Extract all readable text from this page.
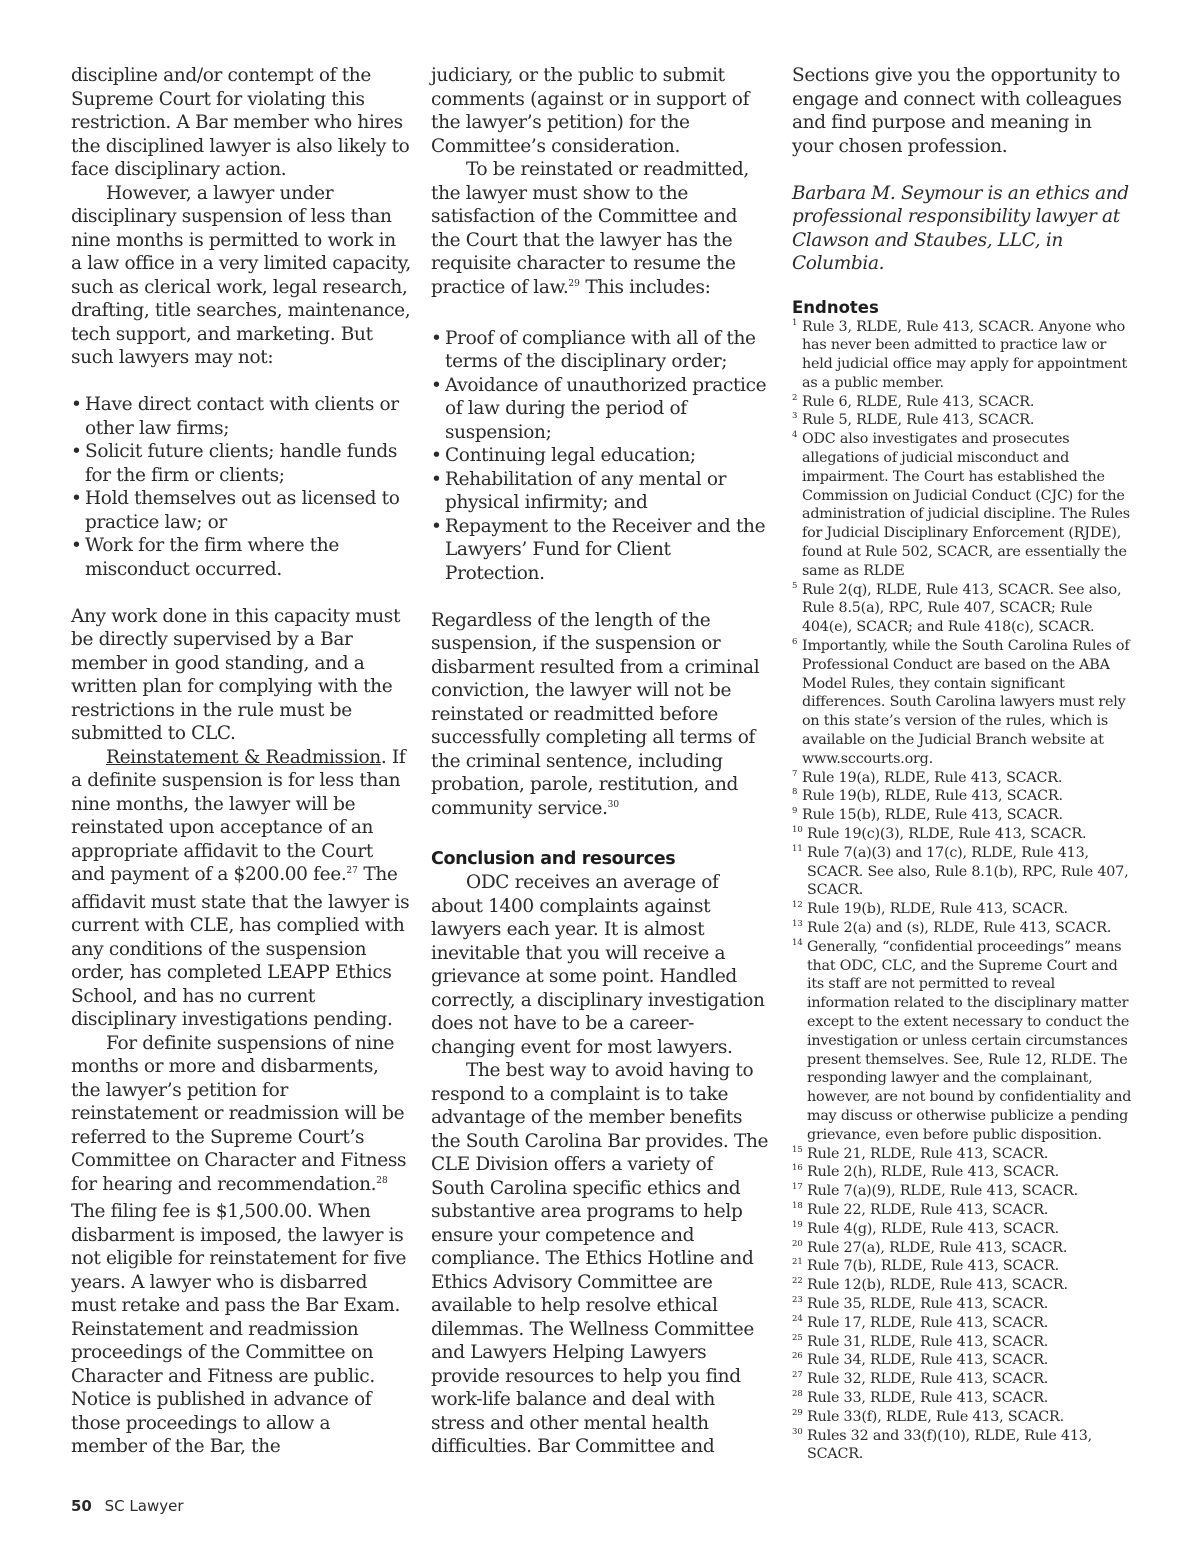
discipline and/or contempt of the Supreme Court for violating this restriction. A Bar member who hires the disciplined lawyer is also likely to face disciplinary action.

However, a lawyer under disciplinary suspension of less than nine months is permitted to work in a law office in a very limited capacity, such as clerical work, legal research, drafting, title searches, maintenance, tech support, and marketing. But such lawyers may not:

• Have direct contact with clients or other law firms;
• Solicit future clients; handle funds for the firm or clients;
• Hold themselves out as licensed to practice law; or
• Work for the firm where the misconduct occurred.

Any work done in this capacity must be directly supervised by a Bar member in good standing, and a written plan for complying with the restrictions in the rule must be submitted to CLC.

Reinstatement & Readmission. If a definite suspension is for less than nine months, the lawyer will be reinstated upon acceptance of an appropriate affidavit to the Court and payment of a $200.00 fee.$^{27}$ The affidavit must state that the lawyer is current with CLE, has complied with any conditions of the suspension order, has completed LEAPP Ethics School, and has no current disciplinary investigations pending.

For definite suspensions of nine months or more and disbarments, the lawyer’s petition for reinstatement or readmission will be referred to the Supreme Court’s Committee on Character and Fitness for hearing and recommendation.$^{28}$ The filing fee is $1,500.00. When disbarment is imposed, the lawyer is not eligible for reinstatement for five years. A lawyer who is disbarred must retake and pass the Bar Exam. Reinstatement and readmission proceedings of the Committee on Character and Fitness are public. Notice is published in advance of those proceedings to allow a member of the Bar, the

judiciary, or the public to submit comments (against or in support of the lawyer’s petition) for the Committee’s consideration.

To be reinstated or readmitted, the lawyer must show to the satisfaction of the Committee and the Court that the lawyer has the requisite character to resume the practice of law.$^{29}$ This includes:

• Proof of compliance with all of the terms of the disciplinary order;
• Avoidance of unauthorized practice of law during the period of suspension;
• Continuing legal education;
• Rehabilitation of any mental or physical infirmity; and
• Repayment to the Receiver and the Lawyers’ Fund for Client Protection.

Regardless of the length of the suspension, if the suspension or disbarment resulted from a criminal conviction, the lawyer will not be reinstated or readmitted before successfully completing all terms of the criminal sentence, including probation, parole, restitution, and community service.$^{30}$

Conclusion and resources

ODC receives an average of about 1400 complaints against lawyers each year. It is almost inevitable that you will receive a grievance at some point. Handled correctly, a disciplinary investigation does not have to be a career-changing event for most lawyers.

The best way to avoid having to respond to a complaint is to take advantage of the member benefits the South Carolina Bar provides. The CLE Division offers a variety of South Carolina specific ethics and substantive area programs to help ensure your competence and compliance. The Ethics Hotline and Ethics Advisory Committee are available to help resolve ethical dilemmas. The Wellness Committee and Lawyers Helping Lawyers provide resources to help you find work-life balance and deal with stress and other mental health difficulties. Bar Committee and

Sections give you the opportunity to engage and connect with colleagues and find purpose and meaning in your chosen profession.

Barbara M. Seymour is an ethics and professional responsibility lawyer at Clawson and Staubes, LLC, in Columbia.

Endnotes
1 Rule 3, RLDE, Rule 413, SCACR. Anyone who has never been admitted to practice law or held judicial office may apply for appointment as a public member.
2 Rule 6, RLDE, Rule 413, SCACR.
3 Rule 5, RLDE, Rule 413, SCACR.
4 ODC also investigates and prosecutes allegations of judicial misconduct and impairment. The Court has established the Commission on Judicial Conduct (CJC) for the administration of judicial discipline. The Rules for Judicial Disciplinary Enforcement (RJDE), found at Rule 502, SCACR, are essentially the same as RLDE
5 Rule 2(q), RLDE, Rule 413, SCACR. See also, Rule 8.5(a), RPC, Rule 407, SCACR; Rule 404(e), SCACR; and Rule 418(c), SCACR.
6 Importantly, while the South Carolina Rules of Professional Conduct are based on the ABA Model Rules, they contain significant differences. South Carolina lawyers must rely on this state’s version of the rules, which is available on the Judicial Branch website at www.sccourts.org.
7 Rule 19(a), RLDE, Rule 413, SCACR.
8 Rule 19(b), RLDE, Rule 413, SCACR.
9 Rule 15(b), RLDE, Rule 413, SCACR.
10 Rule 19(c)(3), RLDE, Rule 413, SCACR.
11 Rule 7(a)(3) and 17(c), RLDE, Rule 413, SCACR. See also, Rule 8.1(b), RPC, Rule 407, SCACR.
12 Rule 19(b), RLDE, Rule 413, SCACR.
13 Rule 2(a) and (s), RLDE, Rule 413, SCACR.
14 Generally, “confidential proceedings” means that ODC, CLC, and the Supreme Court and its staff are not permitted to reveal information related to the disciplinary matter except to the extent necessary to conduct the investigation or unless certain circumstances present themselves. See, Rule 12, RLDE. The responding lawyer and the complainant, however, are not bound by confidentiality and may discuss or otherwise publicize a pending grievance, even before public disposition.
15 Rule 21, RLDE, Rule 413, SCACR.
16 Rule 2(h), RLDE, Rule 413, SCACR.
17 Rule 7(a)(9), RLDE, Rule 413, SCACR.
18 Rule 22, RLDE, Rule 413, SCACR.
19 Rule 4(g), RLDE, Rule 413, SCACR.
20 Rule 27(a), RLDE, Rule 413, SCACR.
21 Rule 7(b), RLDE, Rule 413, SCACR.
22 Rule 12(b), RLDE, Rule 413, SCACR.
23 Rule 35, RLDE, Rule 413, SCACR.
24 Rule 17, RLDE, Rule 413, SCACR.
25 Rule 31, RLDE, Rule 413, SCACR.
26 Rule 34, RLDE, Rule 413, SCACR.
27 Rule 32, RLDE, Rule 413, SCACR.
28 Rule 33, RLDE, Rule 413, SCACR.
29 Rule 33(f), RLDE, Rule 413, SCACR.
30 Rules 32 and 33(f)(10), RLDE, Rule 413, SCACR.
50 SC Lawyer
